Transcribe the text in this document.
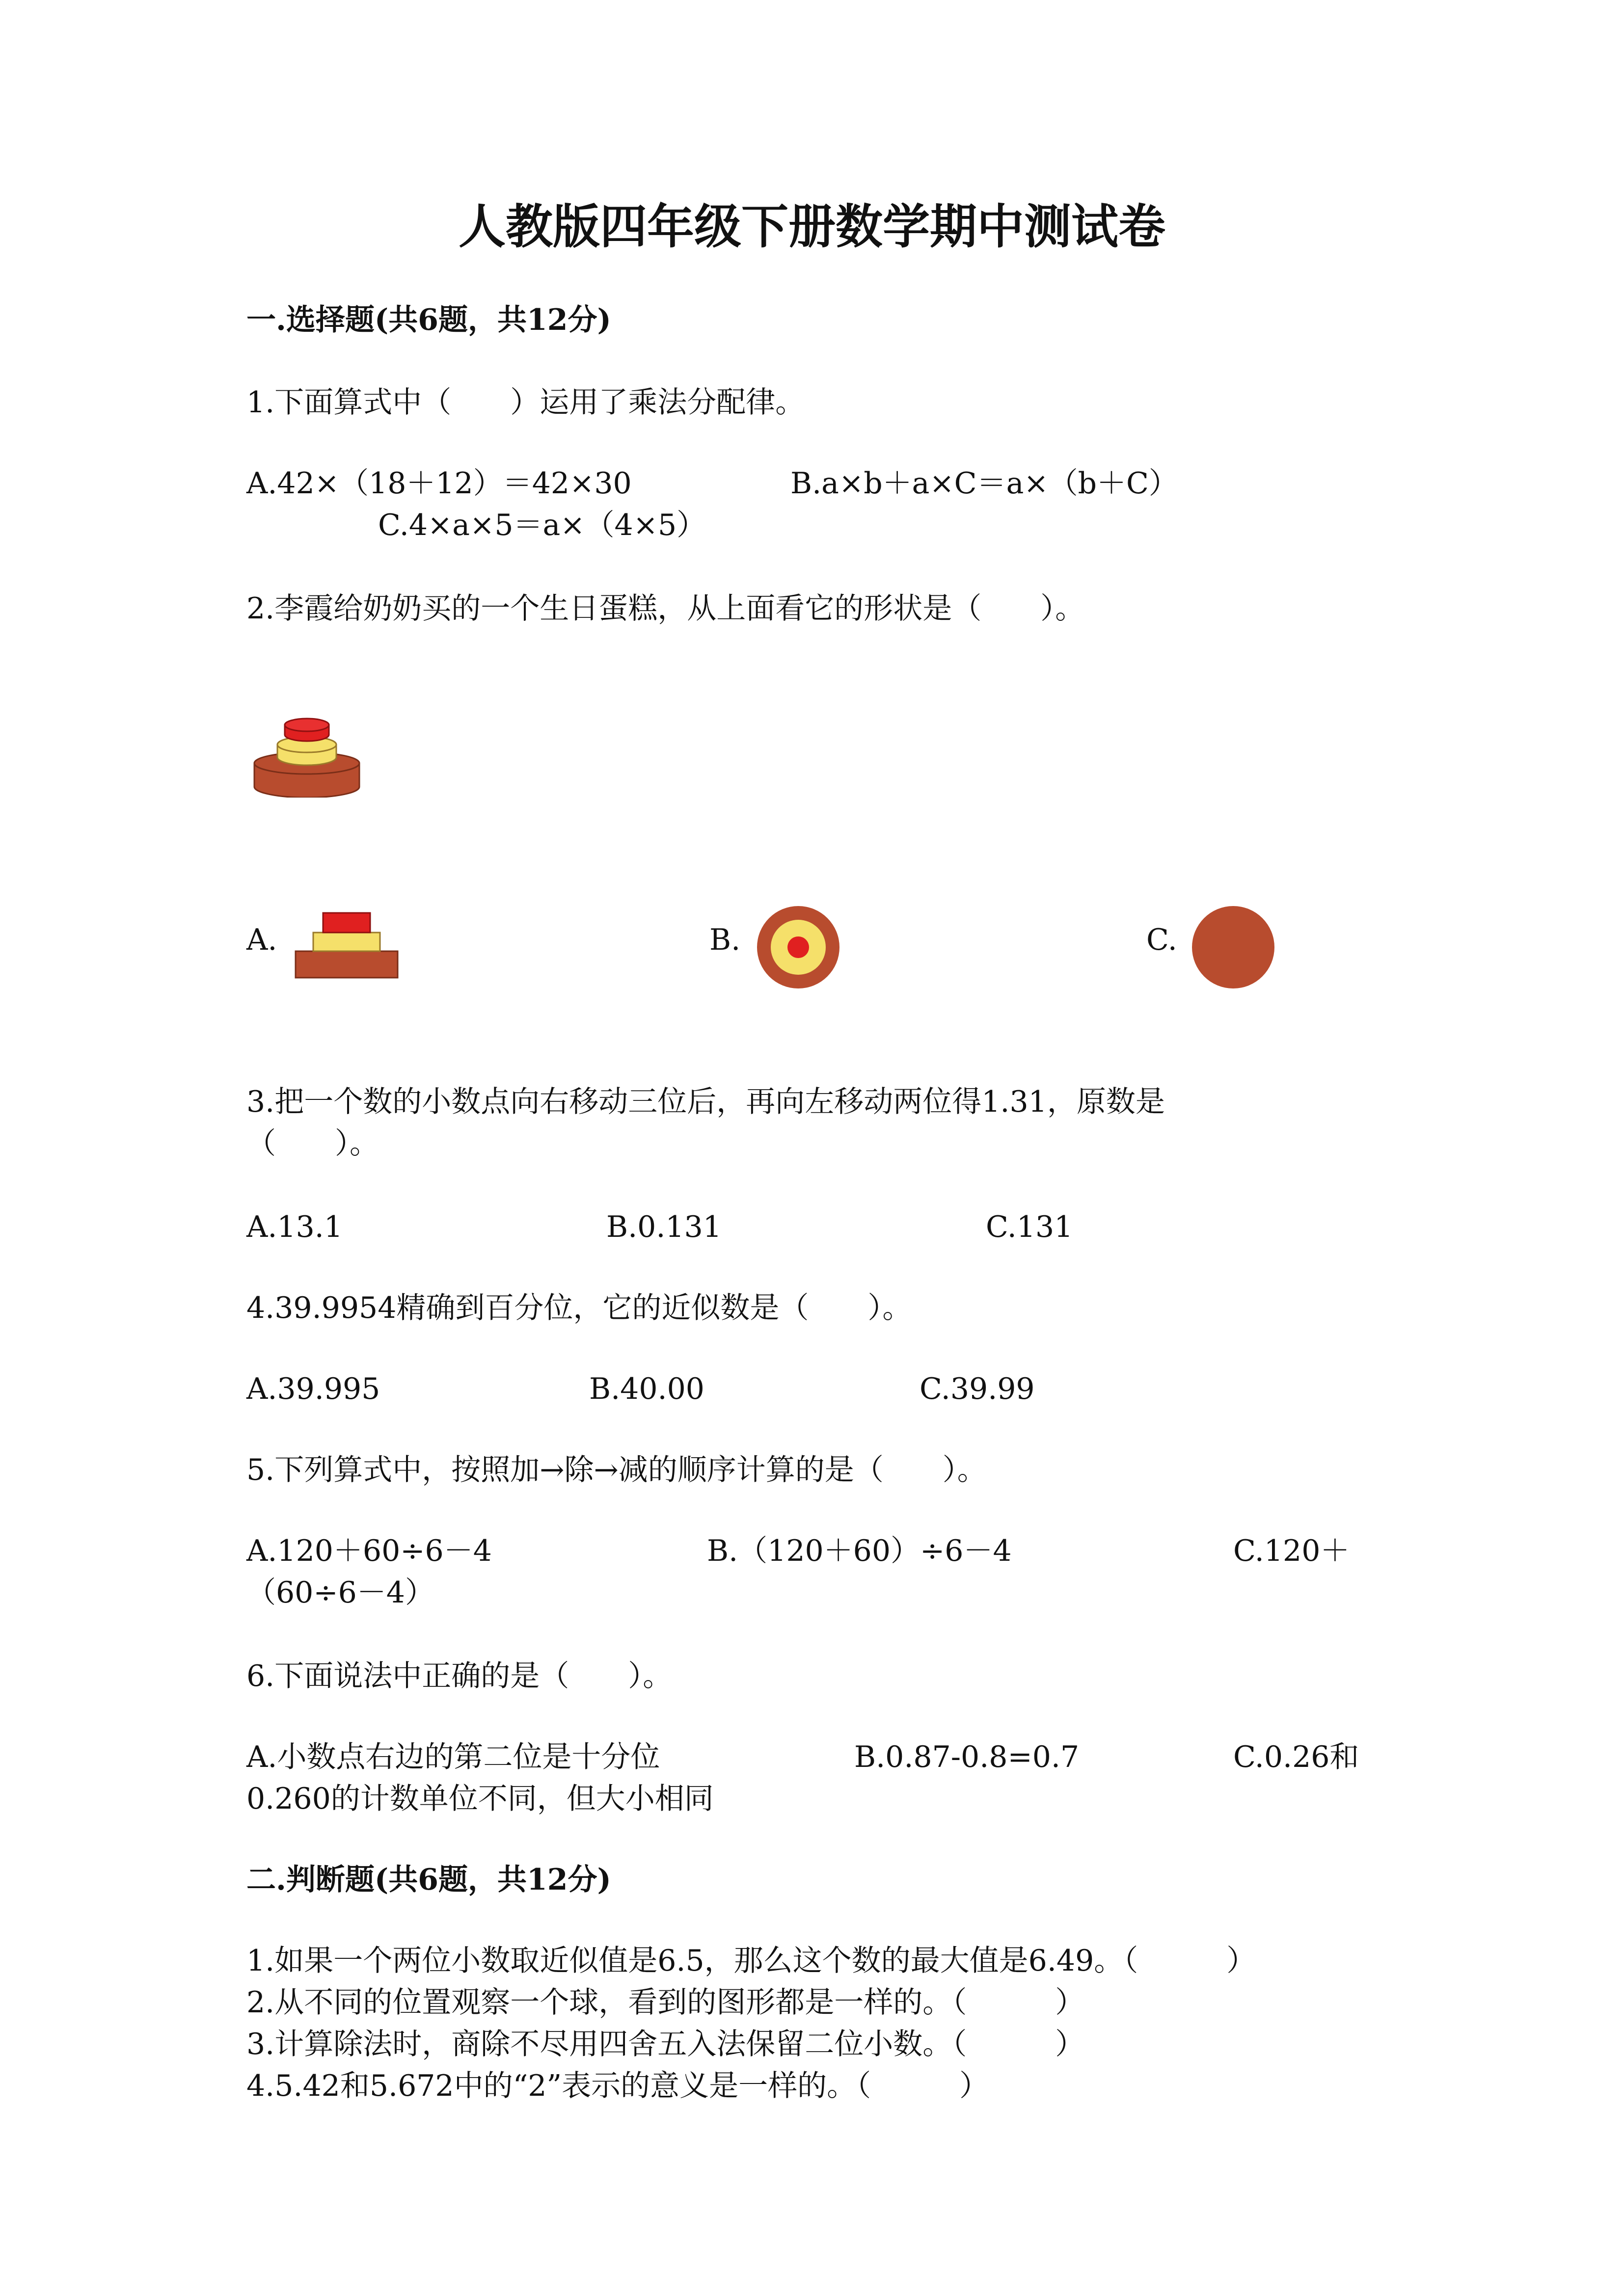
人教版四年级下册数学期中测试卷
一.选择题(共6题，共12分)
1.下面算式中（　　）运用了乘法分配律。
A.42×（18＋12）＝42×30	B.a×b＋a×C＝a×（b＋C）
C.4×a×5＝a×（4×5）
2.李霞给奶奶买的一个生日蛋糕，从上面看它的形状是（　　）。
A.	B.	C.
3.把一个数的小数点向右移动三位后，再向左移动两位得1.31，原数是
（　　）。
A.13.1	B.0.131	C.131
4.39.9954精确到百分位，它的近似数是（　　）。
A.39.995	B.40.00	C.39.99
5.下列算式中，按照加→除→减的顺序计算的是（　　）。
A.120＋60÷6－4	B.（120＋60）÷6－4	C.120＋
（60÷6－4）
6.下面说法中正确的是（　　）。
A.小数点右边的第二位是十分位	B.0.87-0.8=0.7	C.0.26和
0.260的计数单位不同，但大小相同
二.判断题(共6题，共12分)
1.如果一个两位小数取近似值是6.5，那么这个数的最大值是6.49。（　　　）
2.从不同的位置观察一个球，看到的图形都是一样的。（　　　）
3.计算除法时，商除不尽用四舍五入法保留二位小数。（　　　）
4.5.42和5.672中的“2”表示的意义是一样的。（　　　）
